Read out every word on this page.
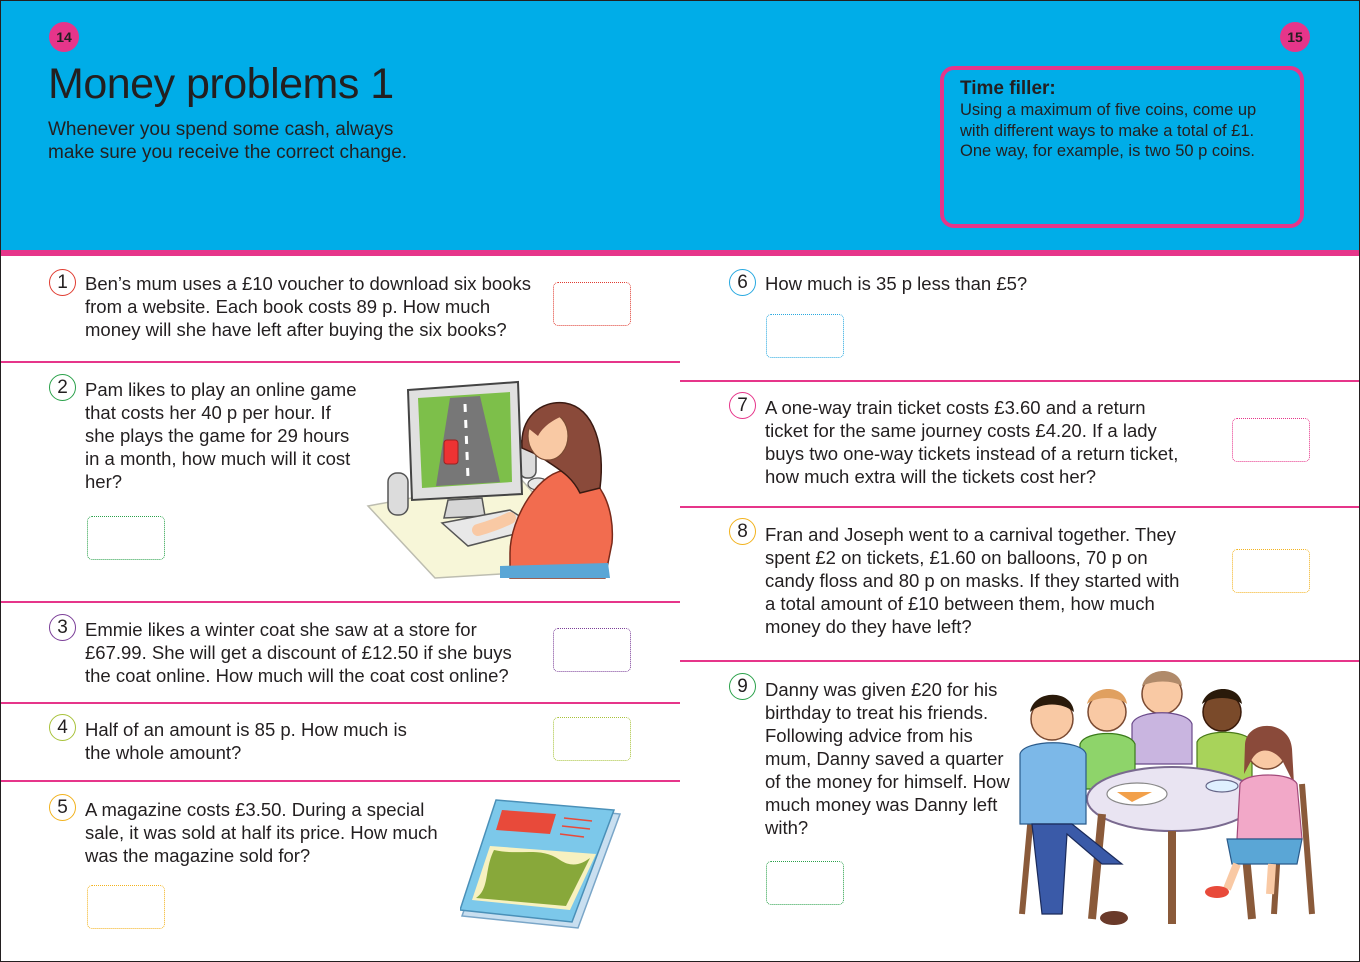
14	15
Money problems 1
Whenever you spend some cash, always make sure you receive the correct change.
Time filler:
Using a maximum of five coins, come up with different ways to make a total of £1. One way, for example, is two 50 p coins.
1 Ben’s mum uses a £10 voucher to download six books from a website. Each book costs 89 p. How much money will she have left after buying the six books?
2 Pam likes to play an online game that costs her 40 p per hour. If she plays the game for 29 hours in a month, how much will it cost her?
3 Emmie likes a winter coat she saw at a store for £67.99. She will get a discount of £12.50 if she buys the coat online. How much will the coat cost online?
4 Half of an amount is 85 p. How much is the whole amount?
5 A magazine costs £3.50. During a special sale, it was sold at half its price. How much was the magazine sold for?
6 How much is 35 p less than £5?
7 A one-way train ticket costs £3.60 and a return ticket for the same journey costs £4.20. If a lady buys two one-way tickets instead of a return ticket, how much extra will the tickets cost her?
8 Fran and Joseph went to a carnival together. They spent £2 on tickets, £1.60 on balloons, 70 p on candy floss and 80 p on masks. If they started with a total amount of £10 between them, how much money do they have left?
9 Danny was given £20 for his birthday to treat his friends. Following advice from his mum, Danny saved a quarter of the money for himself. How much money was Danny left with?
